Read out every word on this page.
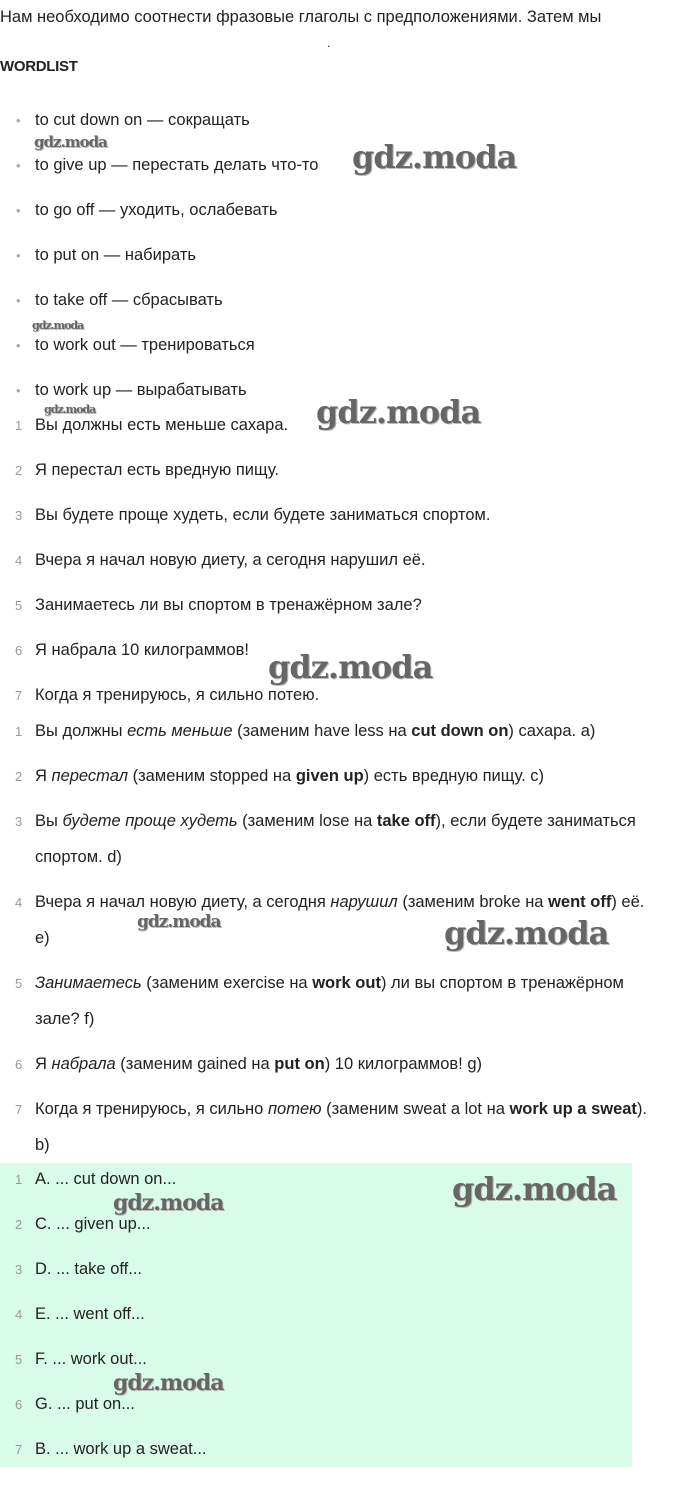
Нам необходимо соотнести фразовые глаголы с предположениями. Затем мы
.
WORDLIST
• to cut down on — сокращать
• to give up — перестать делать что-то
• to go off — уходить, ослабевать
• to put on — набирать
• to take off — сбрасывать
• to work out — тренироваться
• to work up — вырабатывать
1 Вы должны есть меньше сахара.
2 Я перестал есть вредную пищу.
3 Вы будете проще худеть, если будете заниматься спортом.
4 Вчера я начал новую диету, а сегодня нарушил её.
5 Занимаетесь ли вы спортом в тренажёрном зале?
6 Я набрала 10 килограммов!
7 Когда я тренируюсь, я сильно потею.
1 Вы должны есть меньше (заменим have less на cut down on) сахара. a)
2 Я перестал (заменим stopped на given up) есть вредную пищу. c)
3 Вы будете проще худеть (заменим lose на take off), если будете заниматься спортом. d)
4 Вчера я начал новую диету, а сегодня нарушил (заменим broke на went off) её. e)
5 Занимаетесь (заменим exercise на work out) ли вы спортом в тренажёрном зале? f)
6 Я набрала (заменим gained на put on) 10 килограммов! g)
7 Когда я тренируюсь, я сильно потею (заменим sweat a lot на work up a sweat). b)
1 A. ... cut down on...
2 C. ... given up...
3 D. ... take off...
4 E. ... went off...
5 F. ... work out...
6 G. ... put on...
7 B. ... work up a sweat...
gdz.moda	gdz.moda
gdz.moda
gdz.moda	gdz.moda
gdz.moda
gdz.moda	gdz.moda
gdz.moda
gdz.moda
gdz.moda
